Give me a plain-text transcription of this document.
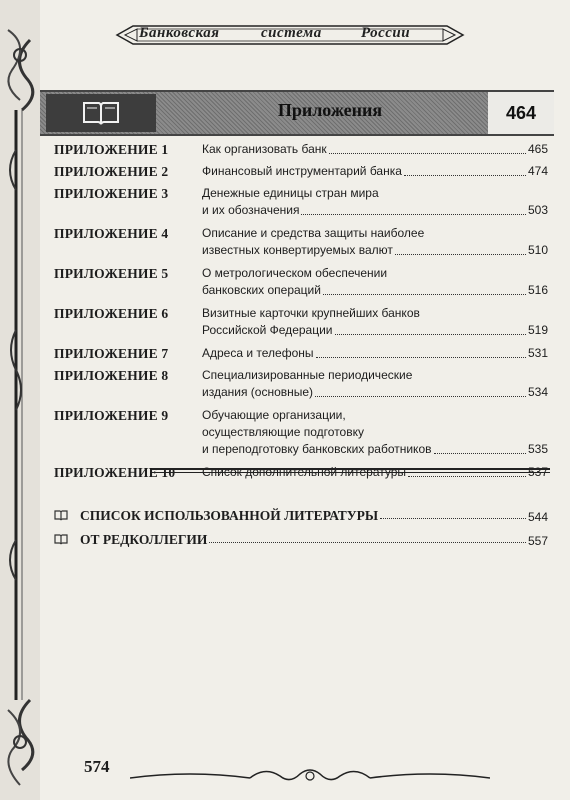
Банковская	система	России
Приложения	464
ПРИЛОЖЕНИЕ 1	Как организовать банк	465
ПРИЛОЖЕНИЕ 2	Финансовый инструментарий банка	474
ПРИЛОЖЕНИЕ 3	Денежные единицы стран мира
и их обозначения	503
ПРИЛОЖЕНИЕ 4	Описание и средства защиты наиболее
известных конвертируемых валют	510
ПРИЛОЖЕНИЕ 5	О метрологическом обеспечении
банковских операций	516
ПРИЛОЖЕНИЕ 6	Визитные карточки крупнейших банков
Российской Федерации	519
ПРИЛОЖЕНИЕ 7	Адреса и телефоны	531
ПРИЛОЖЕНИЕ 8	Специализированные периодические
издания (основные)	534
ПРИЛОЖЕНИЕ 9	Обучающие организации,
осуществляющие подготовку
и переподготовку банковских работников	535
ПРИЛОЖЕНИЕ 10	Список дополнительной литературы	537
СПИСОК ИСПОЛЬЗОВАННОЙ ЛИТЕРАТУРЫ	544
ОТ РЕДКОЛЛЕГИИ	557
574
